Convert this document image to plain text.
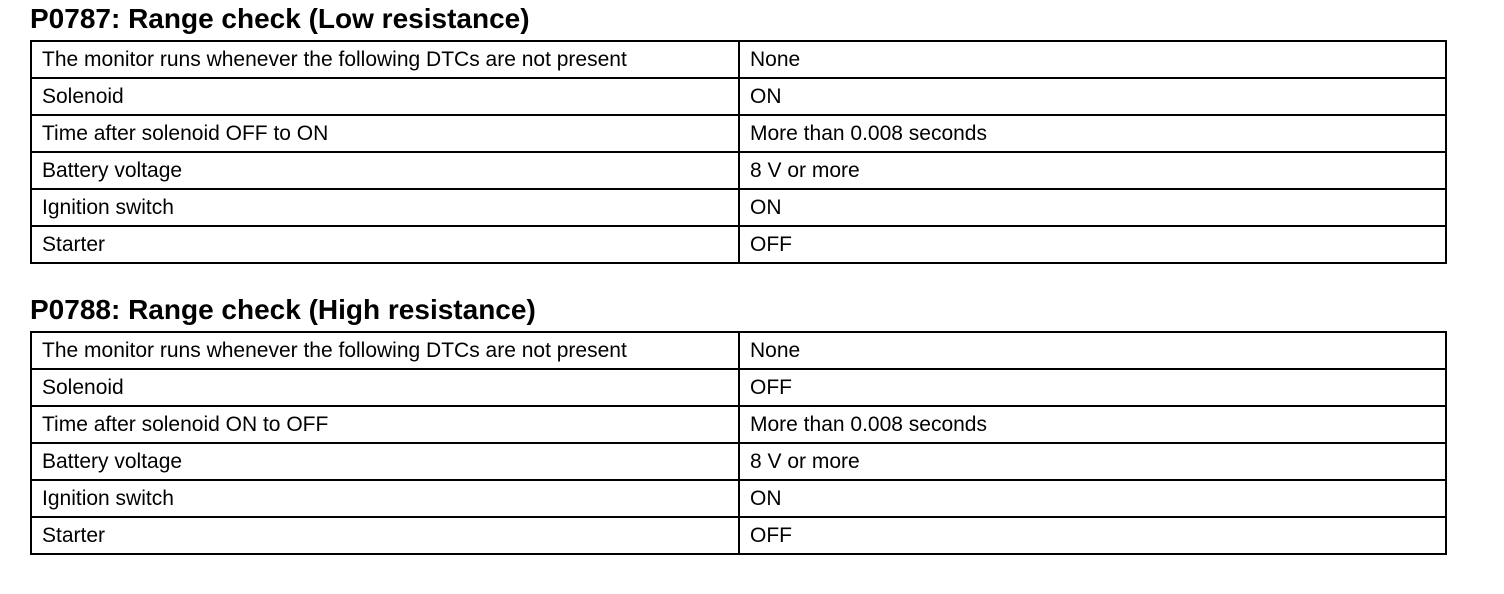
P0787: Range check (Low resistance)
The monitor runs whenever the following DTCs are not present	None
Solenoid	ON
Time after solenoid OFF to ON	More than 0.008 seconds
Battery voltage	8 V or more
Ignition switch	ON
Starter	OFF
P0788: Range check (High resistance)
The monitor runs whenever the following DTCs are not present	None
Solenoid	OFF
Time after solenoid ON to OFF	More than 0.008 seconds
Battery voltage	8 V or more
Ignition switch	ON
Starter	OFF
